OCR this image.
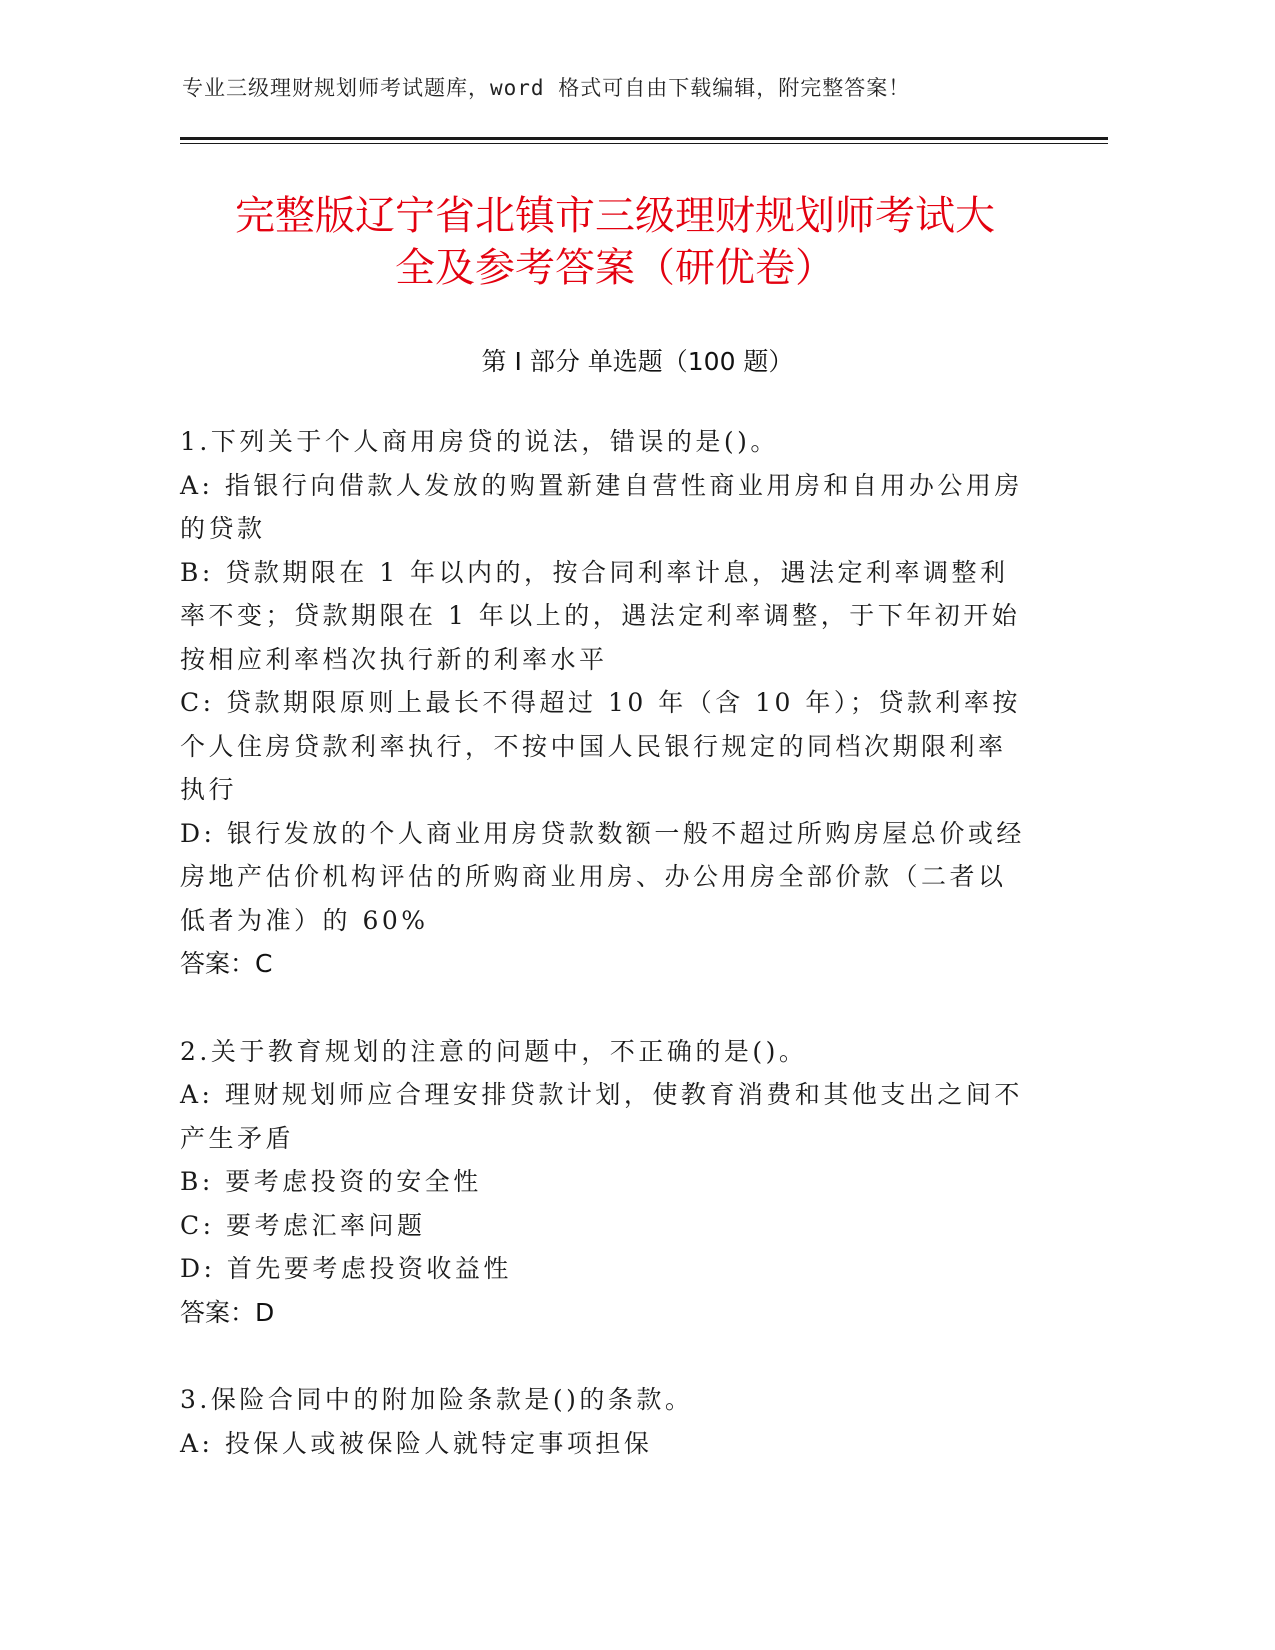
专业三级理财规划师考试题库，word 格式可自由下载编辑，附完整答案！
完整版辽宁省北镇市三级理财规划师考试大
全及参考答案（研优卷）
第 I 部分 单选题（100 题）
1.下列关于个人商用房贷的说法，错误的是()。
A: 指银行向借款人发放的购置新建自营性商业用房和自用办公用房的贷款
B: 贷款期限在 1 年以内的，按合同利率计息，遇法定利率调整利率不变；贷款期限在 1 年以上的，遇法定利率调整，于下年初开始按相应利率档次执行新的利率水平
C: 贷款期限原则上最长不得超过 10 年（含 10 年）；贷款利率按个人住房贷款利率执行，不按中国人民银行规定的同档次期限利率执行
D: 银行发放的个人商业用房贷款数额一般不超过所购房屋总价或经房地产估价机构评估的所购商业用房、办公用房全部价款（二者以低者为准）的 60%
答案：C
2.关于教育规划的注意的问题中，不正确的是()。
A: 理财规划师应合理安排贷款计划，使教育消费和其他支出之间不产生矛盾
B: 要考虑投资的安全性
C: 要考虑汇率问题
D: 首先要考虑投资收益性
答案：D
3.保险合同中的附加险条款是()的条款。
A: 投保人或被保险人就特定事项担保
